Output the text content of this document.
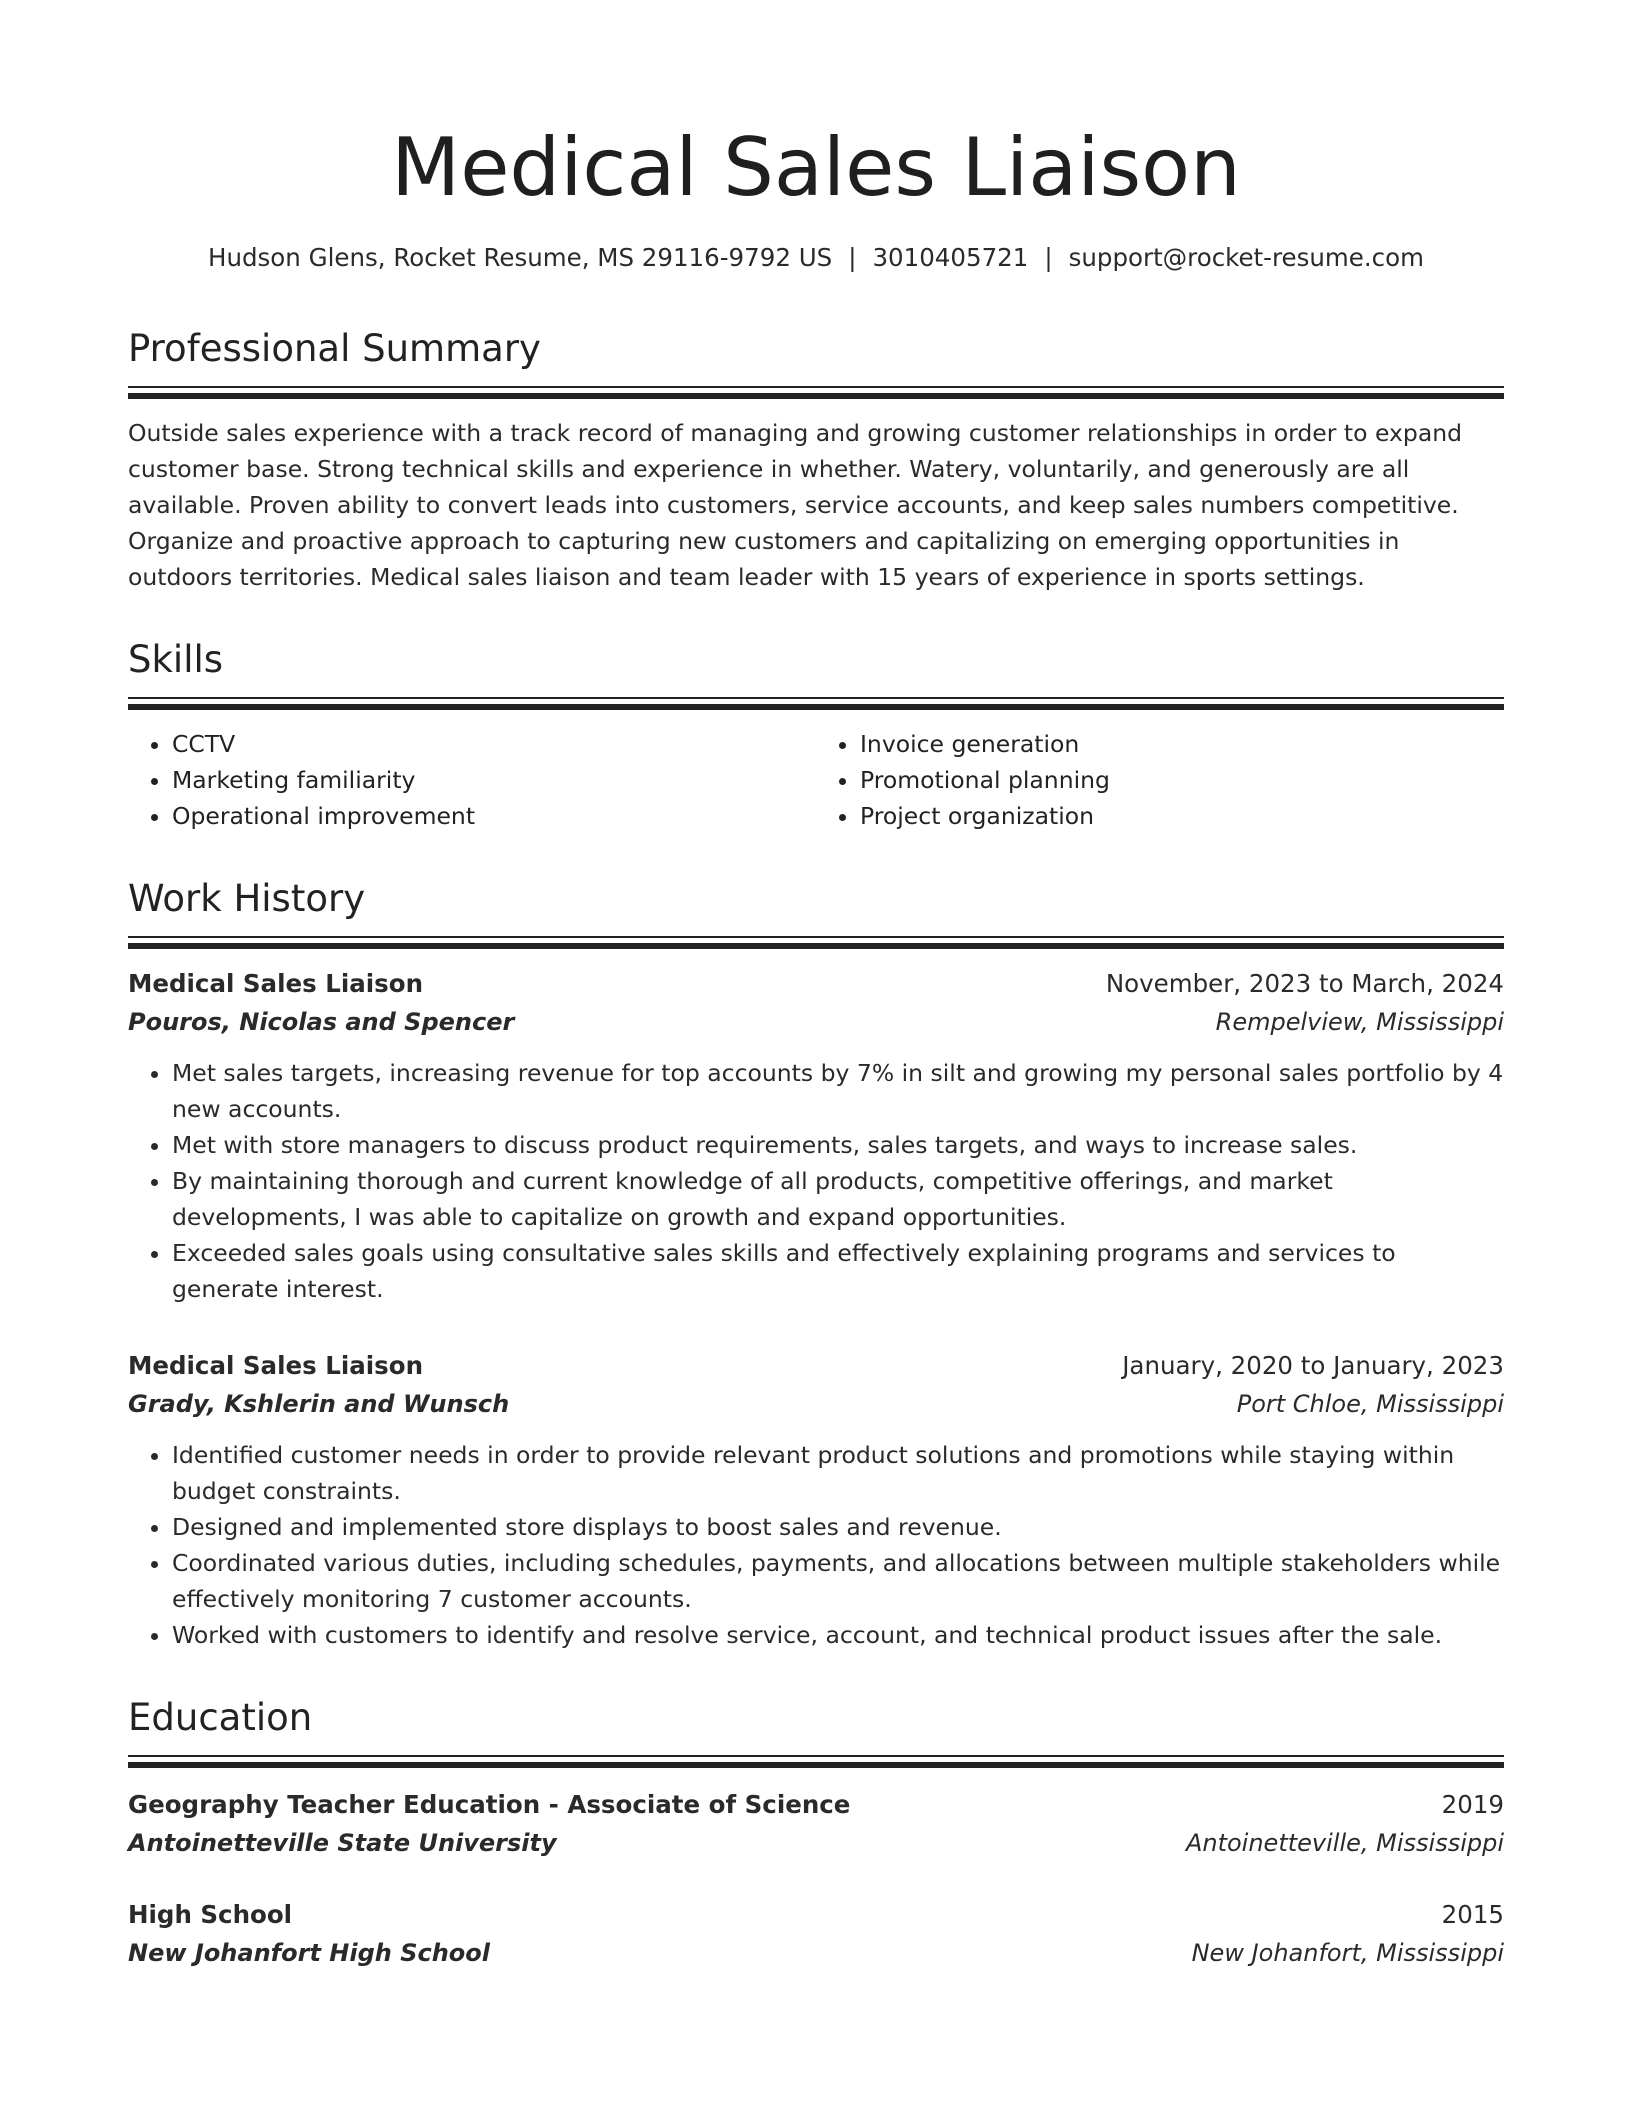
Medical Sales Liaison
Hudson Glens, Rocket Resume, MS 29116-9792 US | 3010405721 | support@rocket-resume.com
Professional Summary
Outside sales experience with a track record of managing and growing customer relationships in order to expand customer base. Strong technical skills and experience in whether. Watery, voluntarily, and generously are all available. Proven ability to convert leads into customers, service accounts, and keep sales numbers competitive. Organize and proactive approach to capturing new customers and capitalizing on emerging opportunities in outdoors territories. Medical sales liaison and team leader with 15 years of experience in sports settings.
Skills
• CCTV
• Marketing familiarity
• Operational improvement
• Invoice generation
• Promotional planning
• Project organization
Work History
Medical Sales Liaison	November, 2023 to March, 2024
Pouros, Nicolas and Spencer	Rempelview, Mississippi
• Met sales targets, increasing revenue for top accounts by 7% in silt and growing my personal sales portfolio by 4 new accounts.
• Met with store managers to discuss product requirements, sales targets, and ways to increase sales.
• By maintaining thorough and current knowledge of all products, competitive offerings, and market developments, I was able to capitalize on growth and expand opportunities.
• Exceeded sales goals using consultative sales skills and effectively explaining programs and services to generate interest.
Medical Sales Liaison	January, 2020 to January, 2023
Grady, Kshlerin and Wunsch	Port Chloe, Mississippi
• Identified customer needs in order to provide relevant product solutions and promotions while staying within budget constraints.
• Designed and implemented store displays to boost sales and revenue.
• Coordinated various duties, including schedules, payments, and allocations between multiple stakeholders while effectively monitoring 7 customer accounts.
• Worked with customers to identify and resolve service, account, and technical product issues after the sale.
Education
Geography Teacher Education - Associate of Science	2019
Antoinetteville State University	Antoinetteville, Mississippi
High School	2015
New Johanfort High School	New Johanfort, Mississippi
